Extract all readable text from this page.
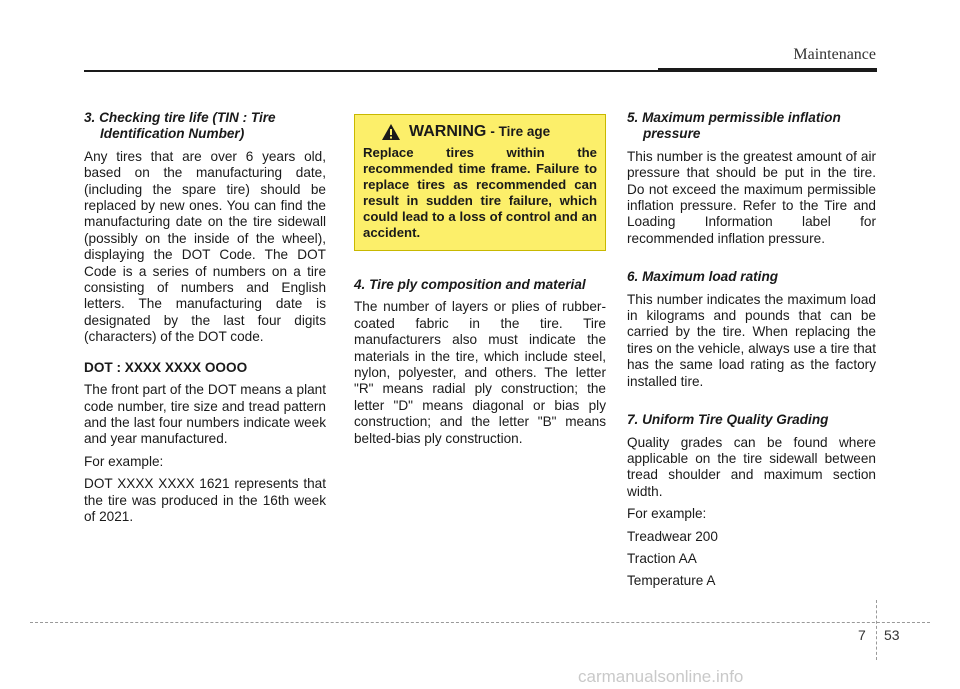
Maintenance
3. Checking tire life (TIN : Tire Identification Number)

Any tires that are over 6 years old, based on the manufacturing date, (including the spare tire) should be replaced by new ones. You can find the manufacturing date on the tire sidewall (possibly on the inside of the wheel), displaying the DOT Code. The DOT Code is a series of numbers on a tire consisting of numbers and English letters. The manufacturing date is designated by the last four digits (characters) of the DOT code.

DOT : XXXX XXXX OOOO

The front part of the DOT means a plant code number, tire size and tread pattern and the last four numbers indicate week and year manufactured.

For example:

DOT XXXX XXXX 1621 represents that the tire was produced in the 16th week of 2021.

WARNING - Tire age
Replace tires within the recommended time frame. Failure to replace tires as recommended can result in sudden tire failure, which could lead to a loss of control and an accident.
4. Tire ply composition and material

The number of layers or plies of rubber-coated fabric in the tire. Tire manufacturers also must indicate the materials in the tire, which include steel, nylon, polyester, and others. The letter "R" means radial ply construction; the letter "D" means diagonal or bias ply construction; and the letter "B" means belted-bias ply construction.

5. Maximum permissible inflation pressure

This number is the greatest amount of air pressure that should be put in the tire. Do not exceed the maximum permissible inflation pressure. Refer to the Tire and Loading Information label for recommended inflation pressure.

6. Maximum load rating

This number indicates the maximum load in kilograms and pounds that can be carried by the tire. When replacing the tires on the vehicle, always use a tire that has the same load rating as the factory installed tire.

7. Uniform Tire Quality Grading

Quality grades can be found where applicable on the tire sidewall between tread shoulder and maximum section width.

For example:

Treadwear 200

Traction AA

Temperature A

7 53
carmanualsonline.info
